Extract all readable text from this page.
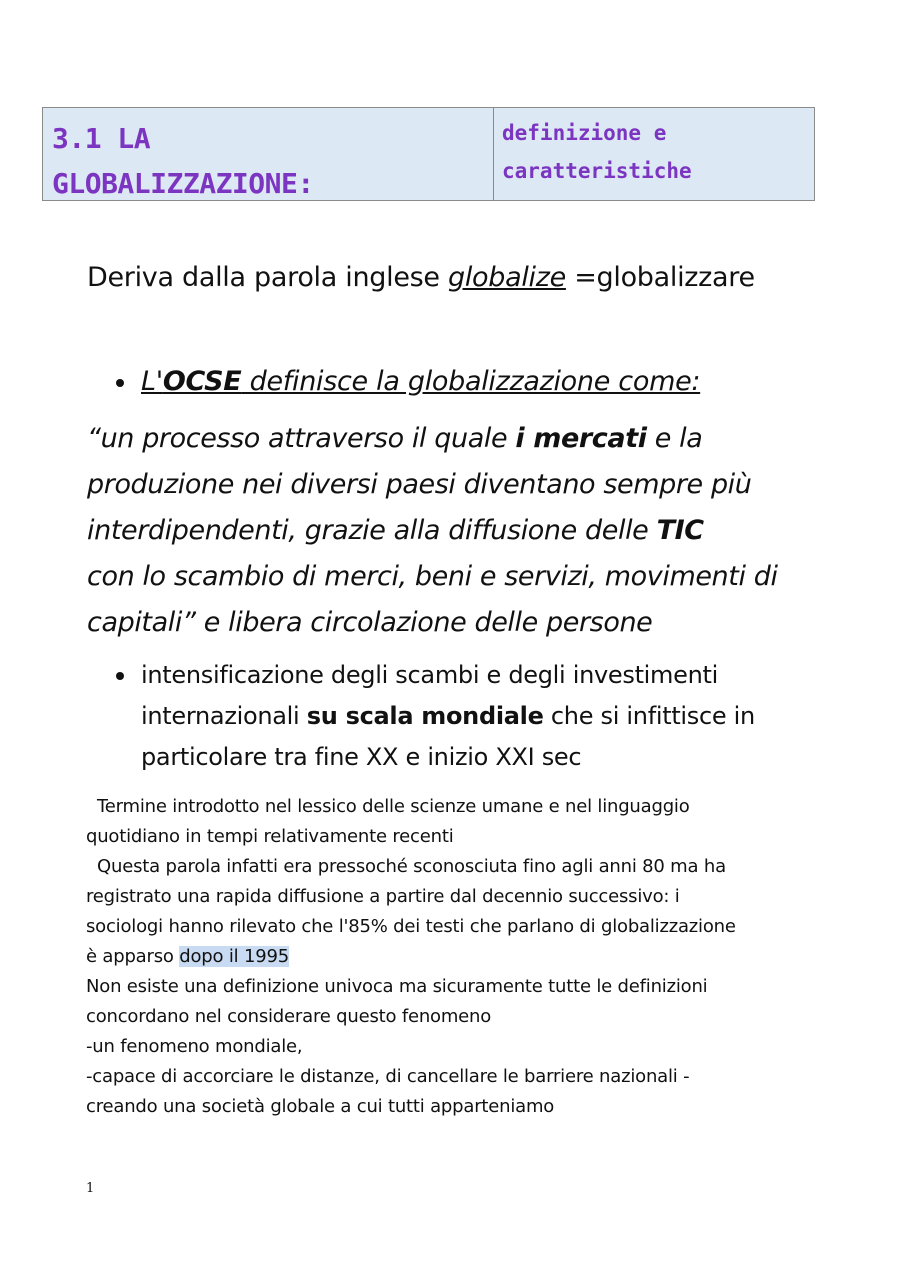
3.1 LA
GLOBALIZZAZIONE:
definizione e
caratteristiche
Deriva dalla parola inglese globalize =globalizzare
L'OCSE definisce la globalizzazione come:
“un processo attraverso il quale i mercati e la
produzione nei diversi paesi diventano sempre più
interdipendenti, grazie alla diffusione delle TIC
con lo scambio di merci, beni e servizi, movimenti di
capitali” e libera circolazione delle persone
intensificazione degli scambi e degli investimenti
internazionali su scala mondiale che si infittisce in
particolare tra fine XX e inizio XXI sec
Termine introdotto nel lessico delle scienze umane e nel linguaggio
quotidiano in tempi relativamente recenti
Questa parola infatti era pressoché sconosciuta fino agli anni 80 ma ha
registrato una rapida diffusione a partire dal decennio successivo: i
sociologi hanno rilevato che l'85% dei testi che parlano di globalizzazione
è apparso dopo il 1995
Non esiste una definizione univoca ma sicuramente tutte le definizioni
concordano nel considerare questo fenomeno
-un fenomeno mondiale,
-capace di accorciare le distanze, di cancellare le barriere nazionali -
creando una società globale a cui tutti apparteniamo
1
